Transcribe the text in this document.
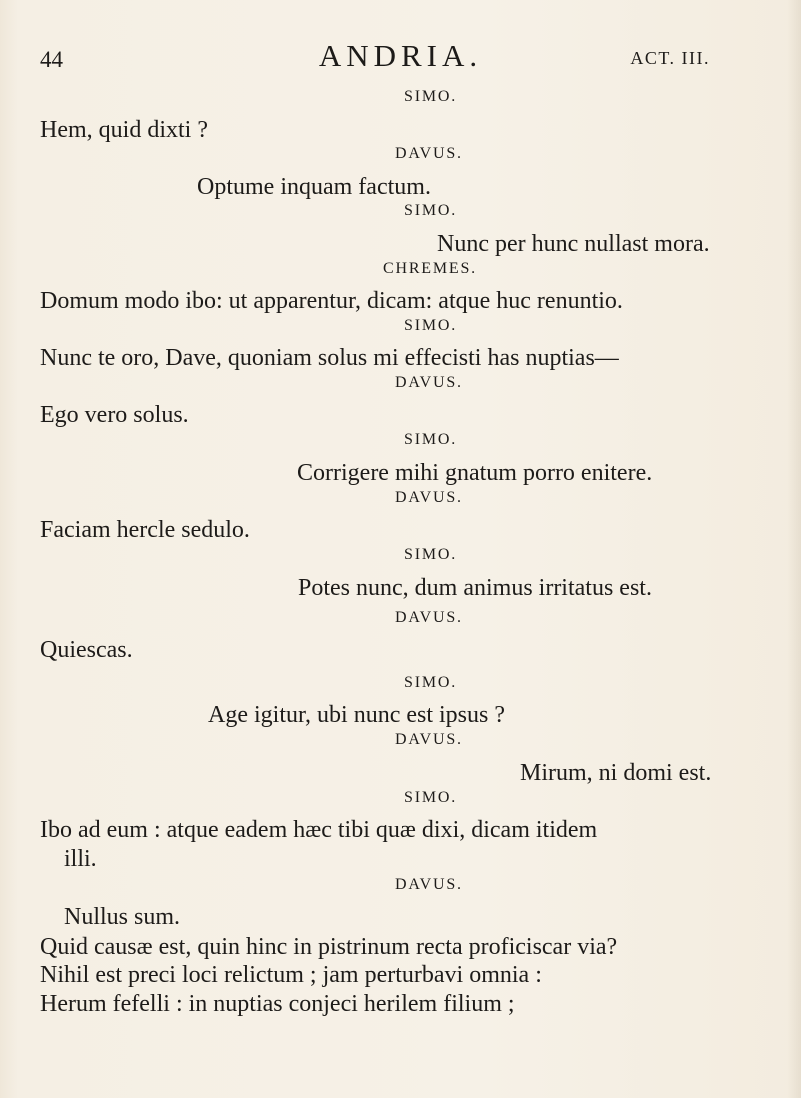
44	ANDRIA.	ACT. III.
SIMO.
Hem, quid dixti ?
DAVUS.
Optume inquam factum.
SIMO.
Nunc per hunc nullast mora.
CHREMES.
Domum modo ibo: ut apparentur, dicam: atque huc renuntio.
SIMO.
Nunc te oro, Dave, quoniam solus mi effecisti has nuptias—
DAVUS.
Ego vero solus.
SIMO.
Corrigere mihi gnatum porro enitere.
DAVUS.
Faciam hercle sedulo.
SIMO.
Potes nunc, dum animus irritatus est.
DAVUS.
Quiescas.
SIMO.
Age igitur, ubi nunc est ipsus ?
DAVUS.
Mirum, ni domi est.
SIMO.
Ibo ad eum : atque eadem hæc tibi quæ dixi, dicam itidem
illi.
DAVUS.
Nullus sum.
Quid causæ est, quin hinc in pistrinum recta proficiscar via?
Nihil est preci loci relictum ; jam perturbavi omnia :
Herum fefelli : in nuptias conjeci herilem filium ;
